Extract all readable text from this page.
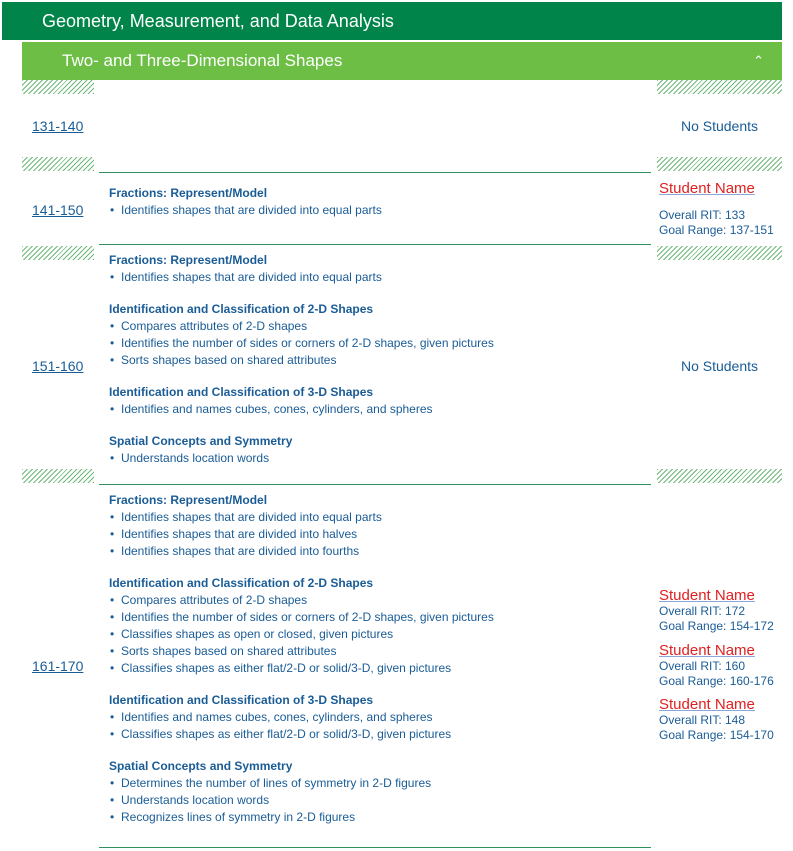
Geometry, Measurement, and Data Analysis
Two- and Three-Dimensional Shapes	⌃
131-140	No Students
141-150
Fractions: Represent/Model
• Identifies shapes that are divided into equal parts
Student Name
Overall RIT: 133
Goal Range: 137-151
151-160
Fractions: Represent/Model
• Identifies shapes that are divided into equal parts
Identification and Classification of 2-D Shapes
• Compares attributes of 2-D shapes
• Identifies the number of sides or corners of 2-D shapes, given pictures
• Sorts shapes based on shared attributes
Identification and Classification of 3-D Shapes
• Identifies and names cubes, cones, cylinders, and spheres
Spatial Concepts and Symmetry
• Understands location words
No Students
161-170
Fractions: Represent/Model
• Identifies shapes that are divided into equal parts
• Identifies shapes that are divided into halves
• Identifies shapes that are divided into fourths
Identification and Classification of 2-D Shapes
• Compares attributes of 2-D shapes
• Identifies the number of sides or corners of 2-D shapes, given pictures
• Classifies shapes as open or closed, given pictures
• Sorts shapes based on shared attributes
• Classifies shapes as either flat/2-D or solid/3-D, given pictures
Identification and Classification of 3-D Shapes
• Identifies and names cubes, cones, cylinders, and spheres
• Classifies shapes as either flat/2-D or solid/3-D, given pictures
Spatial Concepts and Symmetry
• Determines the number of lines of symmetry in 2-D figures
• Understands location words
• Recognizes lines of symmetry in 2-D figures
Student Name
Overall RIT: 172
Goal Range: 154-172
Student Name
Overall RIT: 160
Goal Range: 160-176
Student Name
Overall RIT: 148
Goal Range: 154-170
